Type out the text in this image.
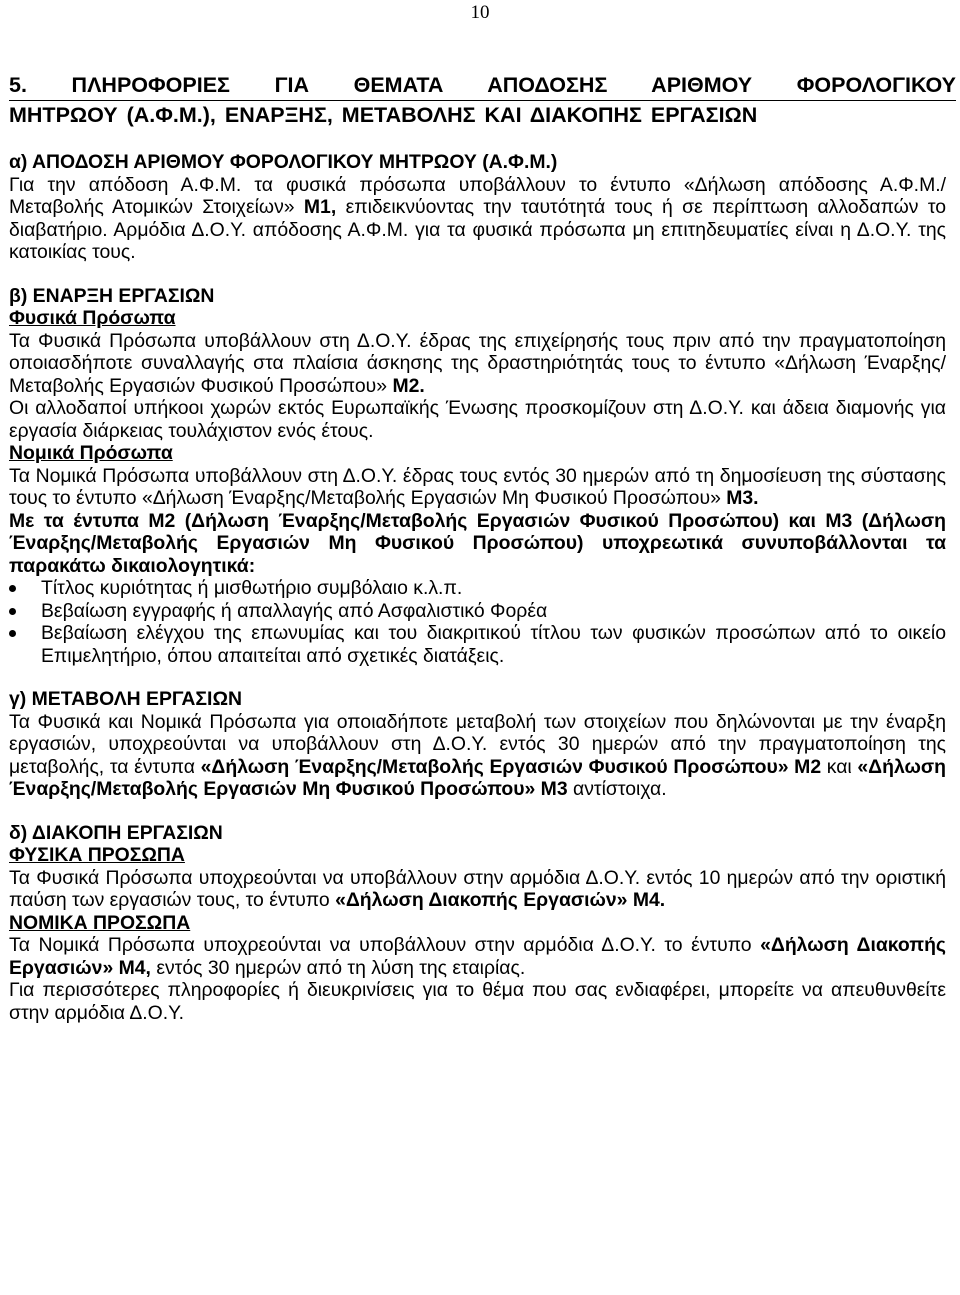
10
5. ΠΛΗΡΟΦΟΡΙΕΣ ΓΙΑ ΘΕΜΑΤΑ ΑΠΟΔΟΣΗΣ ΑΡΙΘΜΟΥ ΦΟΡΟΛΟΓΙΚΟΥ
ΜΗΤΡΩΟΥ (Α.Φ.Μ.), ΕΝΑΡΞΗΣ, ΜΕΤΑΒΟΛΗΣ ΚΑΙ ΔΙΑΚΟΠΗΣ ΕΡΓΑΣΙΩΝ

α) ΑΠΟΔΟΣΗ ΑΡΙΘΜΟΥ ΦΟΡΟΛΟΓΙΚΟΥ ΜΗΤΡΩΟΥ (Α.Φ.Μ.)

Για την απόδοση Α.Φ.Μ. τα φυσικά πρόσωπα υποβάλλουν το έντυπο «Δήλωση απόδοσης Α.Φ.Μ./Μεταβολής Ατομικών Στοιχείων» M1, επιδεικνύοντας την ταυτότητά τους ή σε περίπτωση αλλοδαπών το διαβατήριο. Αρμόδια Δ.Ο.Υ. απόδοσης Α.Φ.Μ. για τα φυσικά πρόσωπα μη επιτηδευματίες είναι η Δ.Ο.Υ. της κατοικίας τους.

β) ΕΝΑΡΞΗ ΕΡΓΑΣΙΩΝ

Φυσικά Πρόσωπα

Τα Φυσικά Πρόσωπα υποβάλλουν στη Δ.Ο.Υ. έδρας της επιχείρησής τους πριν από την πραγματοποίηση οποιασδήποτε συναλλαγής στα πλαίσια άσκησης της δραστηριότητάς τους το έντυπο «Δήλωση Έναρξης/Μεταβολής Εργασιών Φυσικού Προσώπου» Μ2.

Οι αλλοδαποί υπήκοοι χωρών εκτός Ευρωπαϊκής Ένωσης προσκομίζουν στη Δ.Ο.Υ. και άδεια διαμονής για εργασία διάρκειας τουλάχιστον ενός έτους.

Νομικά Πρόσωπα

Τα Νομικά Πρόσωπα υποβάλλουν στη Δ.Ο.Υ. έδρας τους εντός 30 ημερών από τη δημοσίευση της σύστασης τους το έντυπο «Δήλωση Έναρξης/Μεταβολής Εργασιών Μη Φυσικού Προσώπου» Μ3.

Με τα έντυπα Μ2 (Δήλωση Έναρξης/Μεταβολής Εργασιών Φυσικού Προσώπου) και Μ3 (Δήλωση Έναρξης/Μεταβολής Εργασιών Μη Φυσικού Προσώπου) υποχρεωτικά συνυποβάλλονται τα παρακάτω δικαιολογητικά:

Τίτλος κυριότητας ή μισθωτήριο συμβόλαιο κ.λ.π.
Βεβαίωση εγγραφής ή απαλλαγής από Ασφαλιστικό Φορέα
Βεβαίωση ελέγχου της επωνυμίας και του διακριτικού τίτλου των φυσικών προσώπων από το οικείο Επιμελητήριο, όπου απαιτείται από σχετικές διατάξεις.

γ) ΜΕΤΑΒΟΛΗ ΕΡΓΑΣΙΩΝ

Τα Φυσικά και Νομικά Πρόσωπα για οποιαδήποτε μεταβολή των στοιχείων που δηλώνονται με την έναρξη εργασιών, υποχρεούνται να υποβάλλουν στη Δ.Ο.Υ. εντός 30 ημερών από την πραγματοποίηση της μεταβολής, τα έντυπα «Δήλωση Έναρξης/Μεταβολής Εργασιών Φυσικού Προσώπου» Μ2 και «Δήλωση Έναρξης/Μεταβολής Εργασιών Μη Φυσικού Προσώπου» Μ3 αντίστοιχα.

δ) ΔΙΑΚΟΠΗ ΕΡΓΑΣΙΩΝ

ΦΥΣΙΚΑ ΠΡΟΣΩΠΑ

Τα Φυσικά Πρόσωπα υποχρεούνται να υποβάλλουν στην αρμόδια Δ.Ο.Υ. εντός 10 ημερών από την οριστική παύση των εργασιών τους, το έντυπο «Δήλωση Διακοπής Εργασιών» Μ4.

ΝΟΜΙΚΑ ΠΡΟΣΩΠΑ

Τα Νομικά Πρόσωπα υποχρεούνται να υποβάλλουν στην αρμόδια Δ.Ο.Υ. το έντυπο «Δήλωση Διακοπής Εργασιών» Μ4, εντός 30 ημερών από τη λύση της εταιρίας.

Για περισσότερες πληροφορίες ή διευκρινίσεις για το θέμα που σας ενδιαφέρει, μπορείτε να απευθυνθείτε στην αρμόδια Δ.Ο.Υ.
